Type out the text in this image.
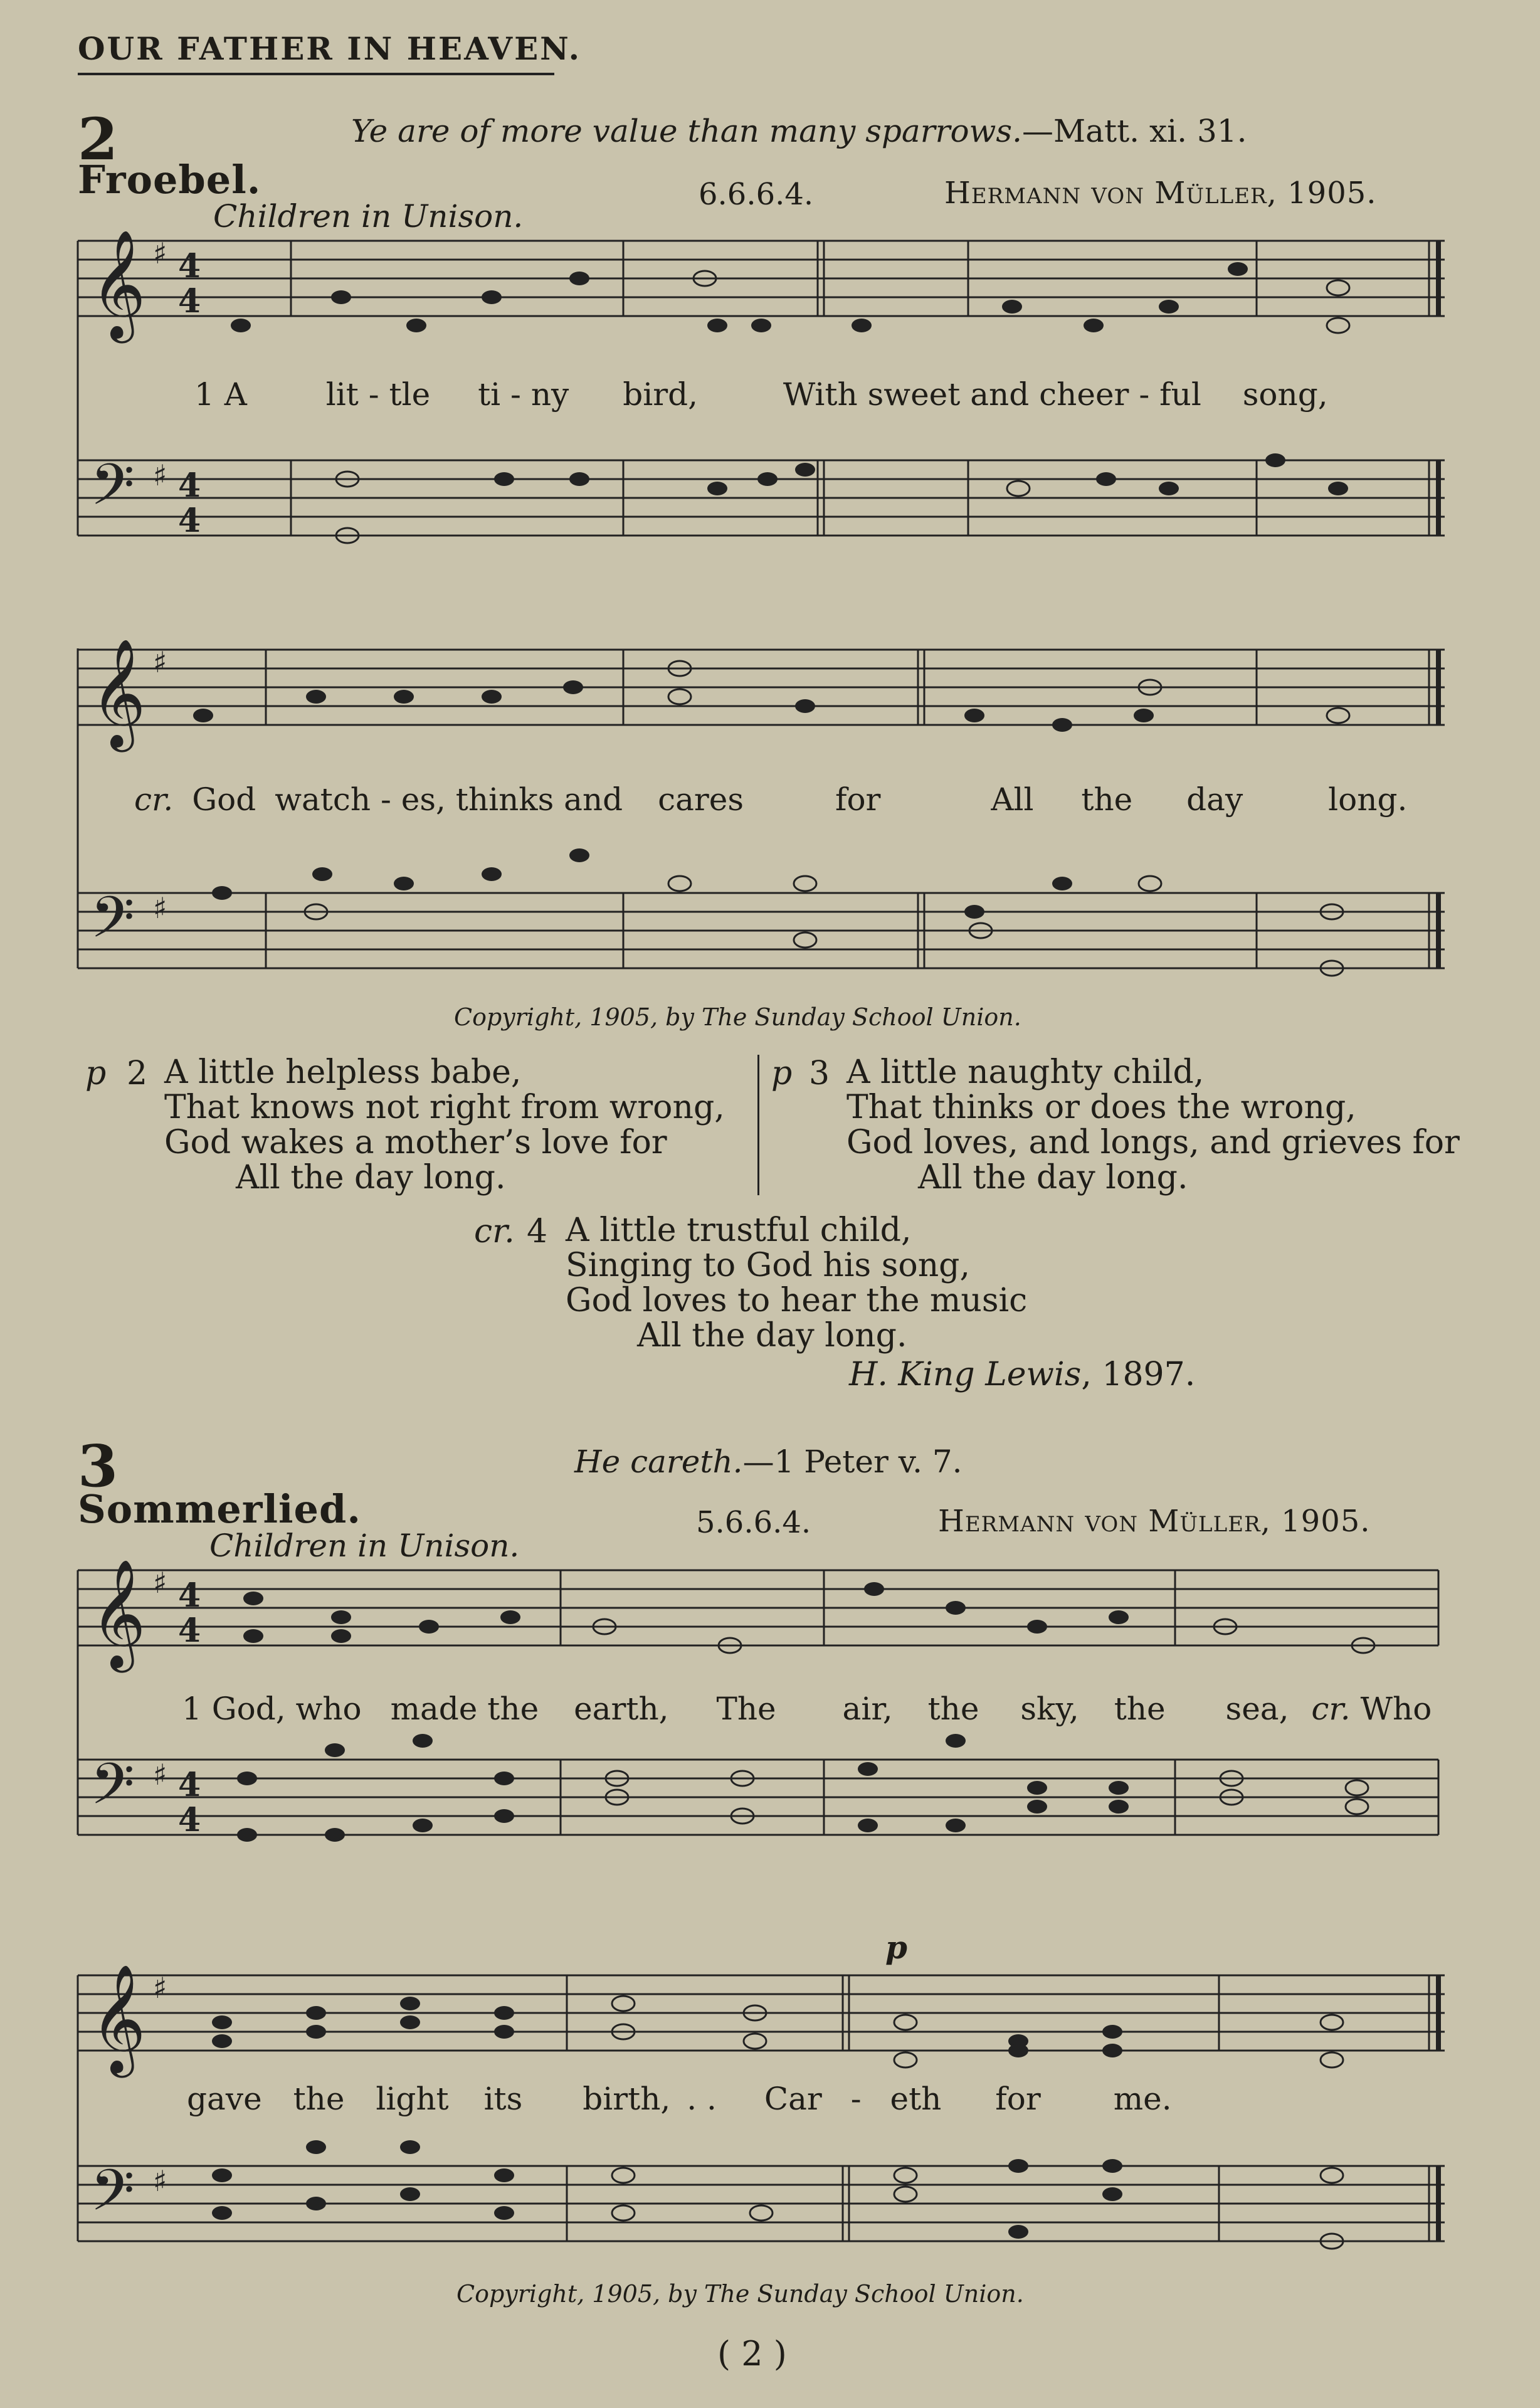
OUR FATHER IN HEAVEN.
2	Ye are of more value than many sparrows.—Matt. xi. 31.
Froebel.
Children in Unison.
6.6.6.4.	Hermann von Müller, 1905.
𝄞 ♯ 4
4
1 A	lit - tle ti - ny bird,	With sweet and cheer - ful song,
𝄢 ♯ 4
4
𝄞 ♯
cr. God watch - es, thinks and cares	for	All the day	long.
𝄢 ♯
Copyright, 1905, by The Sunday School Union.
p 2 A little helpless babe,
That knows not right from wrong,
God wakes a mother’s love for
All the day long.
p 3 A little naughty child,
That thinks or does the wrong,
God loves, and longs, and grieves for
All the day long.
cr. 4 A little trustful child,
Singing to God his song,
God loves to hear the music
All the day long.
H. King Lewis, 1897.
3	He careth.—1 Peter v. 7.
Sommerlied.
Children in Unison.
5.6.6.4.	Hermann von Müller, 1905.
𝄞 ♯ 4
4
1 God, who made the earth, The air, the sky, the sea, cr. Who
𝄢 ♯ 4
4
𝄞 ♯
p
gave the light its birth, . . Car - eth for me.
𝄢 ♯
Copyright, 1905, by The Sunday School Union.
( 2 )
